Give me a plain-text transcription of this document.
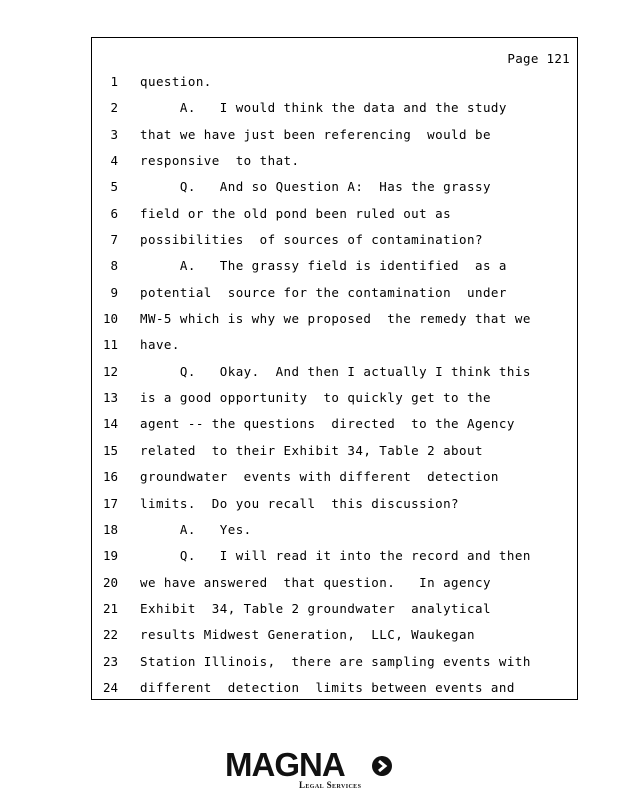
Page 121
1 question.
2 A.   I would think the data and the study
3 that we have just been referencing  would be
4 responsive  to that.
5 Q.   And so Question A:  Has the grassy
6 field or the old pond been ruled out as
7 possibilities  of sources of contamination?
8 A.   The grassy field is identified  as a
9 potential  source for the contamination  under
10 MW-5 which is why we proposed  the remedy that we
11 have.
12 Q.   Okay.  And then I actually I think this
13 is a good opportunity  to quickly get to the
14 agent -- the questions  directed  to the Agency
15 related  to their Exhibit 34, Table 2 about
16 groundwater  events with different  detection
17 limits.  Do you recall  this discussion?
18 A.   Yes.
19 Q.   I will read it into the record and then
20 we have answered  that question.   In agency
21 Exhibit  34, Table 2 groundwater  analytical
22 results Midwest Generation,  LLC, Waukegan
23 Station Illinois,  there are sampling events with
24 different  detection  limits between events and
MAGNA
Legal Services
